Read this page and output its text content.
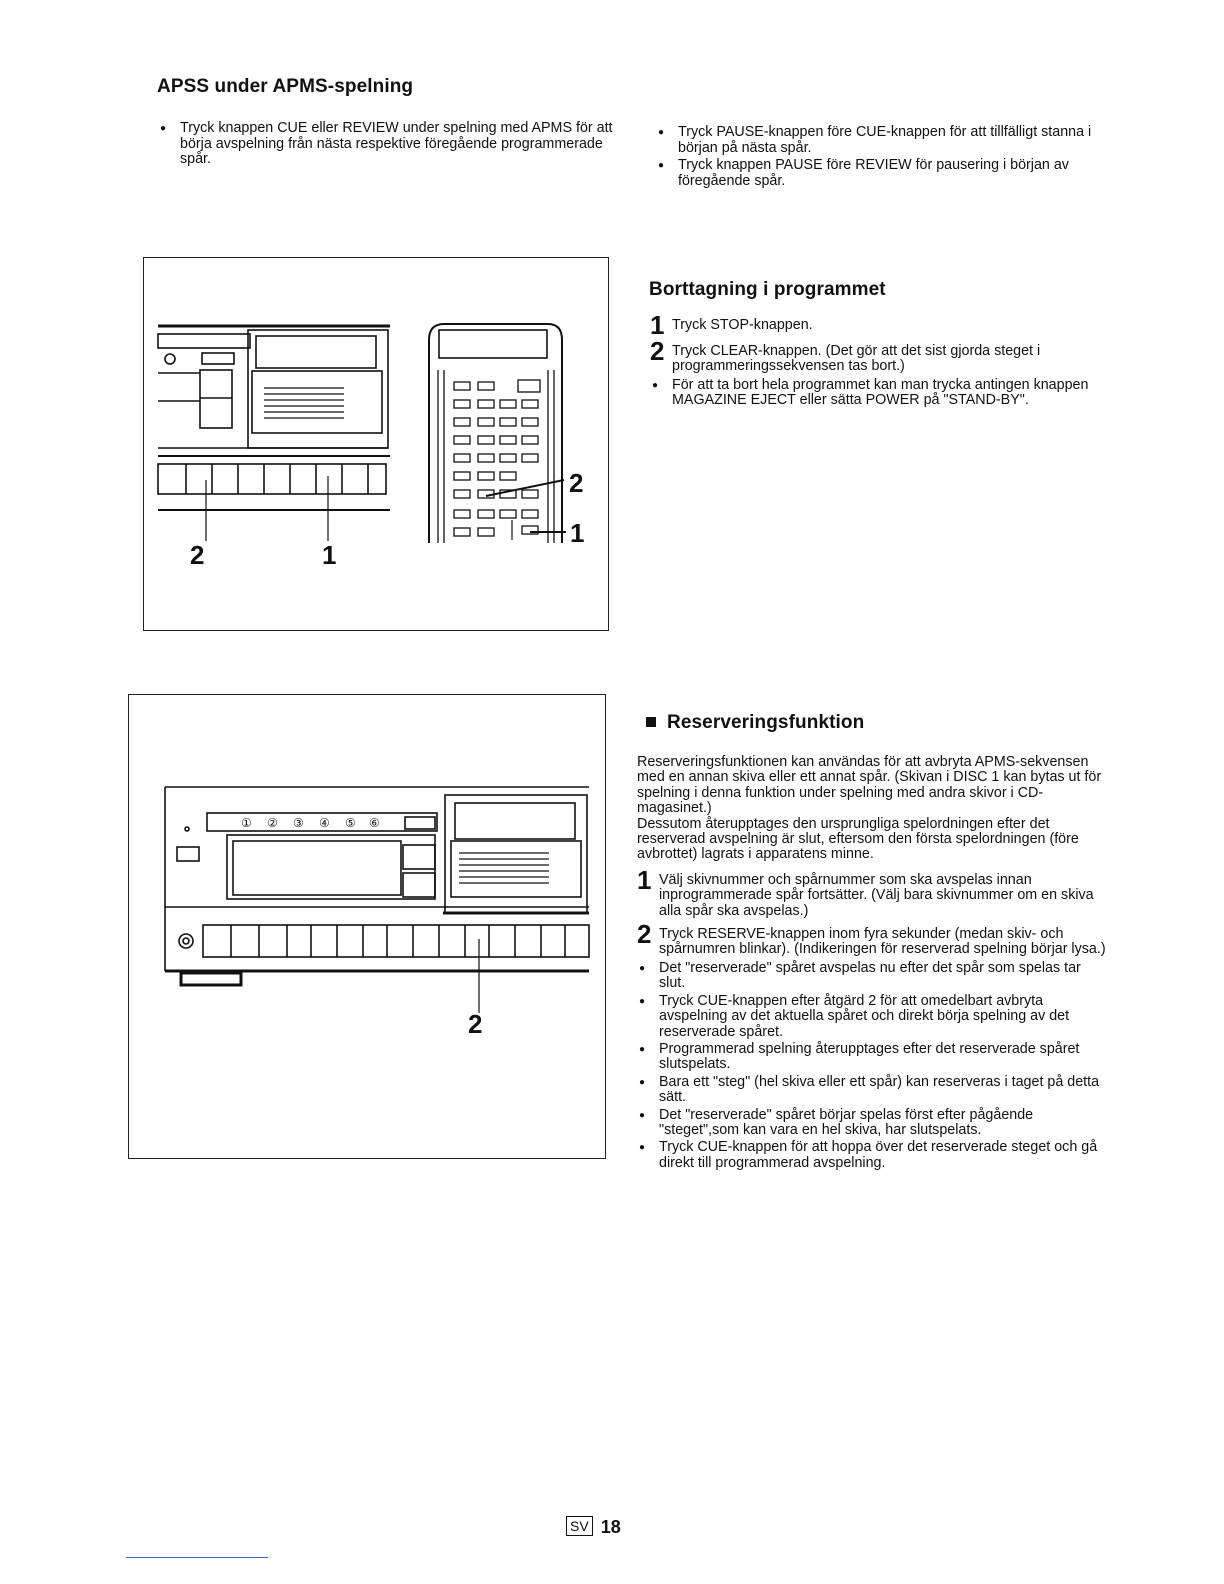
APSS under APMS-spelning
● Tryck knappen CUE eller REVIEW under spelning med APMS för att börja avspelning från nästa respektive föregående programmerade spår.
● Tryck PAUSE-knappen före CUE-knappen för att tillfälligt stanna i början på nästa spår.
● Tryck knappen PAUSE före REVIEW för pausering i början av föregående spår.
2	1
2
1
Borttagning i programmet
1 Tryck STOP-knappen.
2 Tryck CLEAR-knappen. (Det gör att det sist gjorda steget i programmeringssekvensen tas bort.)
● För att ta bort hela programmet kan man trycka antingen knappen MAGAZINE EJECT eller sätta POWER på "STAND-BY".
① ② ③ ④ ⑤ ⑥
2
Reserveringsfunktion
Reserveringsfunktionen kan användas för att avbryta APMS-sekvensen med en annan skiva eller ett annat spår. (Skivan i DISC 1 kan bytas ut för spelning i denna funktion under spelning med andra skivor i CD-magasinet.)
Dessutom återupptages den ursprungliga spelordningen efter det reserverad avspelning är slut, eftersom den första spelordningen (före avbrottet) lagrats i apparatens minne.
1 Välj skivnummer och spårnummer som ska avspelas innan inprogrammerade spår fortsätter. (Välj bara skivnummer om en skiva alla spår ska avspelas.)
2 Tryck RESERVE-knappen inom fyra sekunder (medan skiv- och spårnumren blinkar). (Indikeringen för reserverad spelning börjar lysa.)
● Det "reserverade" spåret avspelas nu efter det spår som spelas tar slut.
● Tryck CUE-knappen efter åtgärd 2 för att omedelbart avbryta avspelning av det aktuella spåret och direkt börja spelning av det reserverade spåret.
● Programmerad spelning återupptages efter det reserverade spåret slutspelats.
● Bara ett "steg" (hel skiva eller ett spår) kan reserveras i taget på detta sätt.
● Det "reserverade" spåret börjar spelas först efter pågående "steget",som kan vara en hel skiva, har slutspelats.
● Tryck CUE-knappen för att hoppa över det reserverade steget och gå direkt till programmerad avspelning.
SV 18
